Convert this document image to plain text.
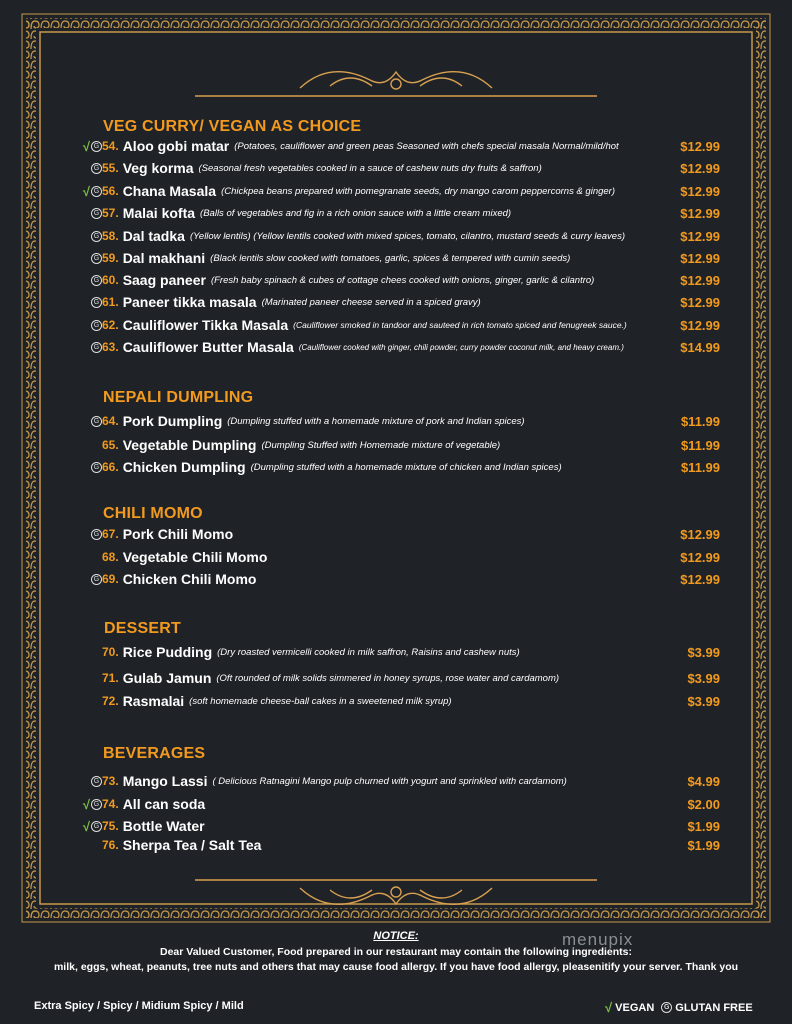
VEG CURRY/ VEGAN AS CHOICE
√ G 54. Aloo gobi matar (Potatoes, cauliflower and green peas Seasoned with chefs special masala Normal/mild/hot	$12.99
G 55. Veg korma (Seasonal fresh vegetables cooked in a sauce of cashew nuts dry fruits & saffron)	$12.99
√ G 56. Chana Masala (Chickpea beans prepared with pomegranate seeds, dry mango carom peppercorns & ginger)	$12.99
G 57. Malai kofta (Balls of vegetables and fig in a rich onion sauce with a little cream mixed)	$12.99
G 58. Dal tadka (Yellow lentils) (Yellow lentils cooked with mixed spices, tomato, cilantro, mustard seeds & curry leaves)	$12.99
G 59. Dal makhani (Black lentils slow cooked with tomatoes, garlic, spices & tempered with cumin seeds)	$12.99
G 60. Saag paneer (Fresh baby spinach & cubes of cottage chees cooked with onions, ginger, garlic & cilantro)	$12.99
G 61. Paneer tikka masala (Marinated paneer cheese served in a spiced gravy)	$12.99
G 62. Cauliflower Tikka Masala (Cauliflower smoked in tandoor and sauteed in rich tomato spiced and fenugreek sauce.)	$12.99
G 63. Cauliflower Butter Masala (Cauliflower cooked with ginger, chili powder, curry powder coconut milk, and heavy cream.)	$14.99
NEPALI DUMPLING
G 64. Pork Dumpling (Dumpling stuffed with a homemade mixture of pork and Indian spices)	$11.99
65. Vegetable Dumpling (Dumpling Stuffed with Homemade mixture of vegetable)	$11.99
G 66. Chicken Dumpling (Dumpling stuffed with a homemade mixture of chicken and Indian spices)	$11.99
CHILI MOMO
G 67. Pork Chili Momo	$12.99
68. Vegetable Chili Momo	$12.99
G 69. Chicken Chili Momo	$12.99
DESSERT
70. Rice Pudding (Dry roasted vermicelli cooked in milk saffron, Raisins and cashew nuts)	$3.99
71. Gulab Jamun (Oft rounded of milk solids simmered in honey syrups, rose water and cardamom)	$3.99
72. Rasmalai (soft homemade cheese-ball cakes in a sweetened milk syrup)	$3.99
BEVERAGES
G 73. Mango Lassi ( Delicious Ratnagini Mango pulp churned with yogurt and sprinkled with cardamom)	$4.99
√ G 74. All can soda	$2.00
√ G 75. Bottle Water	$1.99
76. Sherpa Tea / Salt Tea	$1.99
NOTICE:
Dear Valued Customer, Food prepared in our restaurant may contain the following ingredients:
milk, eggs, wheat, peanuts, tree nuts and others that may cause food allergy. If you have food allergy, pleasenitify your server. Thank you
menupix
Extra Spicy / Spicy / Midium Spicy / Mild	√ VEGAN	G GLUTAN FREE
